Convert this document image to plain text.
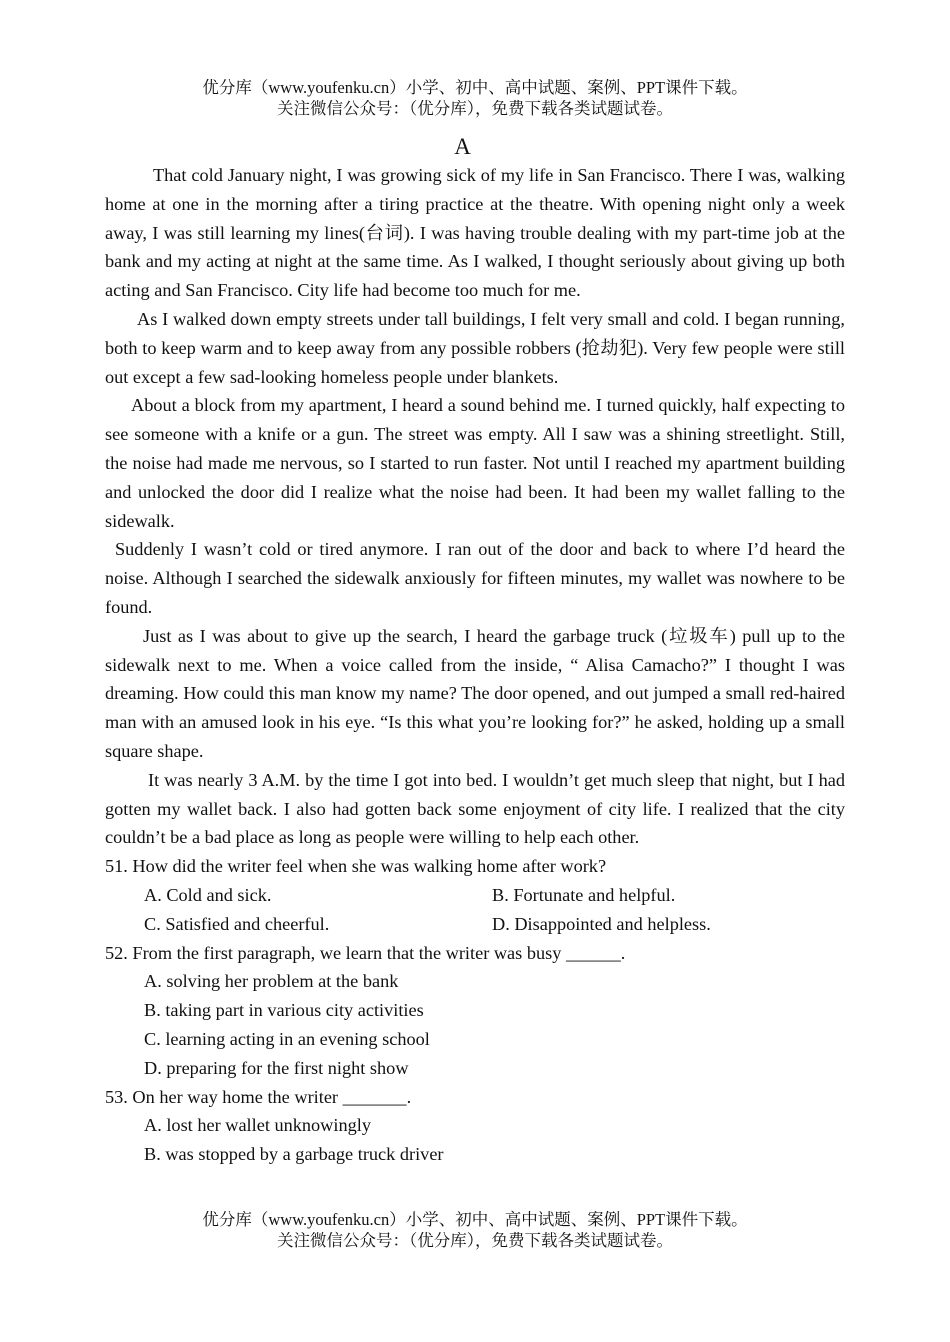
优分库（www.youfenku.cn）小学、初中、高中试题、案例、PPT课件下载。
关注微信公众号：（优分库），免费下载各类试题试卷。
A

That cold January night, I was growing sick of my life in San Francisco. There I was, walking home at one in the morning after a tiring practice at the theatre. With opening night only a week away, I was still learning my lines(台词). I was having trouble dealing with my part-time job at the bank and my acting at night at the same time. As I walked, I thought seriously about giving up both acting and San Francisco. City life had become too much for me.

As I walked down empty streets under tall buildings, I felt very small and cold. I began running, both to keep warm and to keep away from any possible robbers (抢劫犯). Very few people were still out except a few sad-looking homeless people under blankets.

About a block from my apartment, I heard a sound behind me. I turned quickly, half expecting to see someone with a knife or a gun. The street was empty. All I saw was a shining streetlight. Still, the noise had made me nervous, so I started to run faster. Not until I reached my apartment building and unlocked the door did I realize what the noise had been. It had been my wallet falling to the sidewalk.

Suddenly I wasn’t cold or tired anymore. I ran out of the door and back to where I’d heard the noise. Although I searched the sidewalk anxiously for fifteen minutes, my wallet was nowhere to be found.

Just as I was about to give up the search, I heard the garbage truck (垃圾车) pull up to the sidewalk next to me. When a voice called from the inside, “ Alisa Camacho?” I thought I was dreaming. How could this man know my name? The door opened, and out jumped a small red-haired man with an amused look in his eye. “Is this what you’re looking for?” he asked, holding up a small square shape.

It was nearly 3 A.M. by the time I got into bed. I wouldn’t get much sleep that night, but I had gotten my wallet back. I also had gotten back some enjoyment of city life. I realized that the city couldn’t be a bad place as long as people were willing to help each other.

51. How did the writer feel when she was walking home after work?

A. Cold and sick.	B. Fortunate and helpful.
C. Satisfied and cheerful.	D. Disappointed and helpless.

52. From the first paragraph, we learn that the writer was busy ______.

A. solving her problem at the bank

B. taking part in various city activities

C. learning acting in an evening school

D. preparing for the first night show

53. On her way home the writer _______.

A. lost her wallet unknowingly

B. was stopped by a garbage truck driver

优分库（www.youfenku.cn）小学、初中、高中试题、案例、PPT课件下载。
关注微信公众号：（优分库），免费下载各类试题试卷。
